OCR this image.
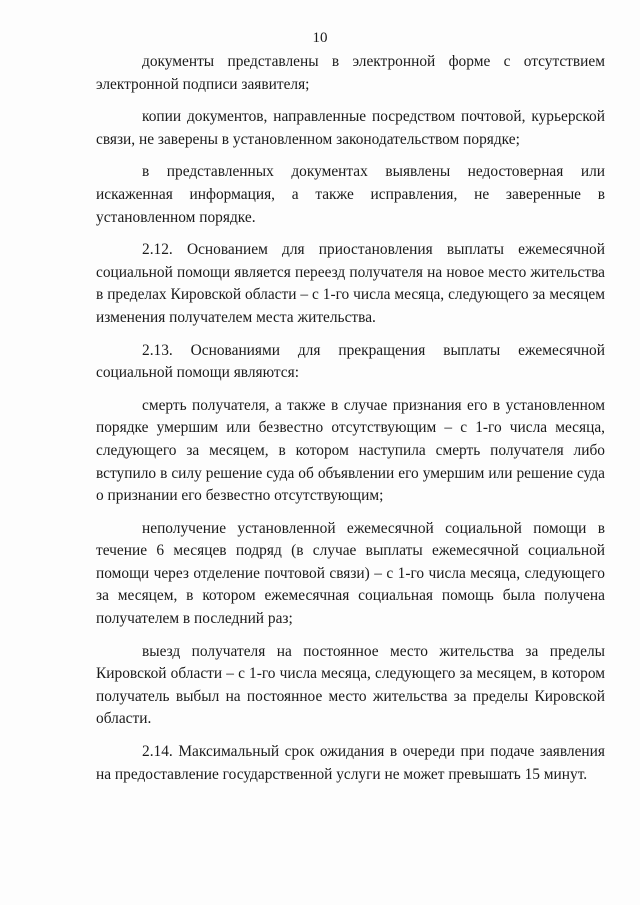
10

документы представлены в электронной форме с отсутствием электронной подписи заявителя;

копии документов, направленные посредством почтовой, курьерской связи, не заверены в установленном законодательством порядке;

в представленных документах выявлены недостоверная или искаженная информация, а также исправления, не заверенные в установленном порядке.

2.12. Основанием для приостановления выплаты ежемесячной социальной помощи является переезд получателя на новое место жительства в пределах Кировской области – с 1-го числа месяца, следующего за месяцем изменения получателем места жительства.

2.13. Основаниями для прекращения выплаты ежемесячной социальной помощи являются:

смерть получателя, а также в случае признания его в установленном порядке умершим или безвестно отсутствующим – с 1-го числа месяца, следующего за месяцем, в котором наступила смерть получателя либо вступило в силу решение суда об объявлении его умершим или решение суда о признании его безвестно отсутствующим;

неполучение установленной ежемесячной социальной помощи в течение 6 месяцев подряд (в случае выплаты ежемесячной социальной помощи через отделение почтовой связи) – с 1-го числа месяца, следующего за месяцем, в котором ежемесячная социальная помощь была получена получателем в последний раз;

выезд получателя на постоянное место жительства за пределы Кировской области – с 1-го числа месяца, следующего за месяцем, в котором получатель выбыл на постоянное место жительства за пределы Кировской области.

2.14. Максимальный срок ожидания в очереди при подаче заявления на предоставление государственной услуги не может превышать 15 минут.
